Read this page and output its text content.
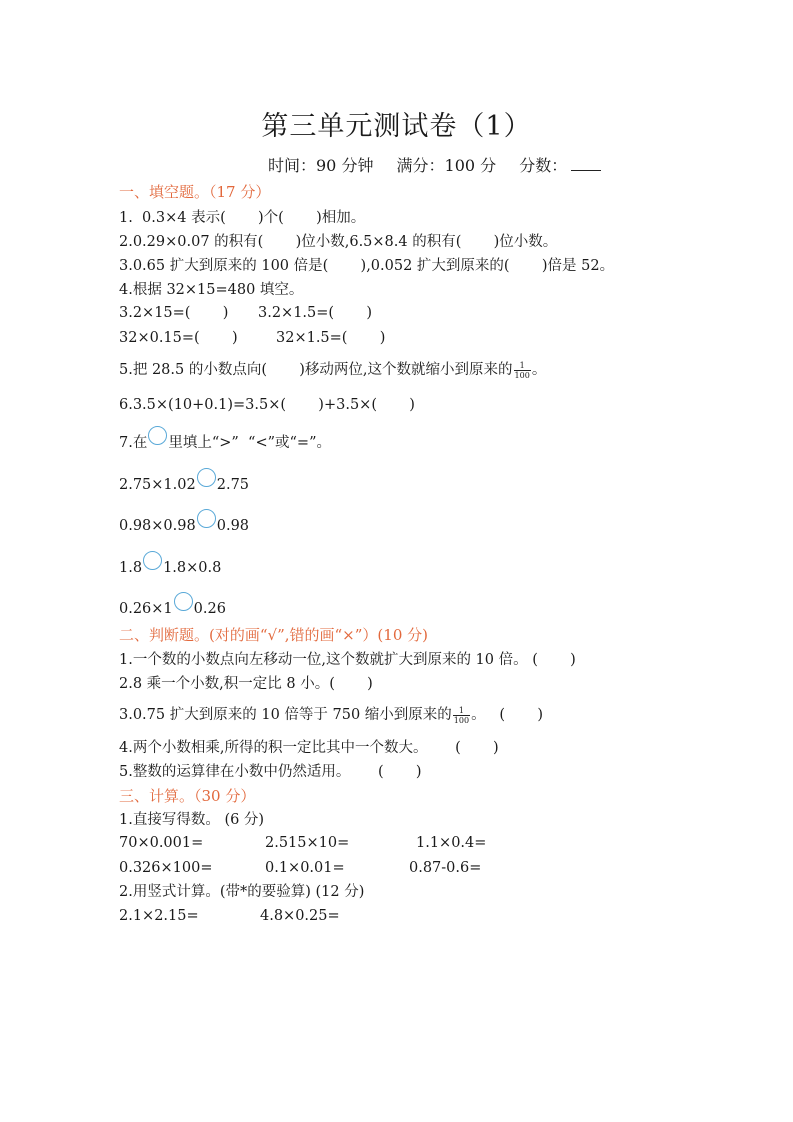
第三单元测试卷（1）
时间：90 分钟 满分：100 分 分数：
一、填空题。（17 分）
1.  0.3×4 表示(       )个(       )相加。
2.0.29×0.07 的积有(       )位小数,6.5×8.4 的积有(       )位小数。
3.0.65 扩大到原来的 100 倍是(       ),0.052 扩大到原来的(       )倍是 52。
4.根据 32×15=480 填空。
3.2×15=(       ) 3.2×1.5=(       )
32×0.15=(       )	32×1.5=(       )
5.把 28.5 的小数点向(       )移动两位,这个数就缩小到原来的 $\frac{1}{100}$ 。
6.3.5×(10+0.1)=3.5×(       )+3.5×(       )
7.在 里填上“>”  “<”或“=”。
2.75×1.02 2.75
0.98×0.98 0.98
1.8 1.8×0.8
0.26×1 0.26
二、判断题。(对的画“√”,错的画“×”）(10 分)
1.一个数的小数点向左移动一位,这个数就扩大到原来的 10 倍。 (       )
2.8 乘一个小数,积一定比 8 小。(       )
3.0.75 扩大到原来的 10 倍等于 750 缩小到原来的 $\frac{1}{100}$ 。   (       )
4.两个小数相乘,所得的积一定比其中一个数大。      (       )
5.整数的运算律在小数中仍然适用。      (       )
三、计算。（30 分）
1.直接写得数。 (6 分)
70×0.001=	2.515×10=	1.1×0.4=
0.326×100=	0.1×0.01=	0.87-0.6=
2.用竖式计算。(带*的要验算) (12 分)
2.1×2.15=	4.8×0.25=
